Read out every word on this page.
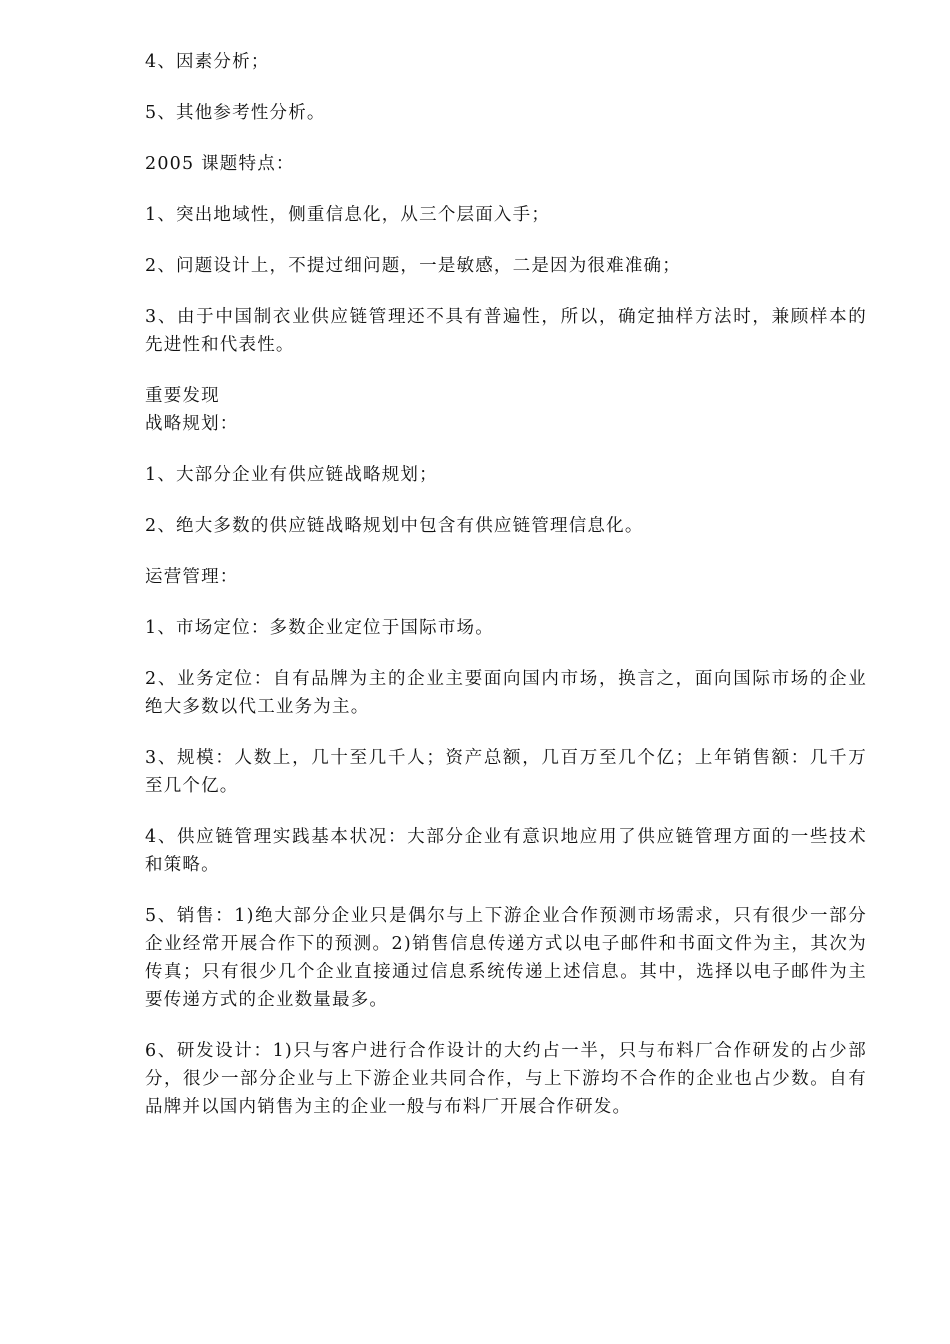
4、因素分析；

5、其他参考性分析。

2005 课题特点：

1、突出地域性，侧重信息化，从三个层面入手；

2、问题设计上，不提过细问题，一是敏感，二是因为很难准确；

3、由于中国制衣业供应链管理还不具有普遍性，所以，确定抽样方法时，兼顾样本的先进性和代表性。

重要发现

战略规划：

1、大部分企业有供应链战略规划；

2、绝大多数的供应链战略规划中包含有供应链管理信息化。

运营管理：

1、市场定位：多数企业定位于国际市场。

2、业务定位：自有品牌为主的企业主要面向国内市场，换言之，面向国际市场的企业绝大多数以代工业务为主。

3、规模：人数上，几十至几千人；资产总额，几百万至几个亿；上年销售额：几千万至几个亿。

4、供应链管理实践基本状况：大部分企业有意识地应用了供应链管理方面的一些技术和策略。

5、销售：1)绝大部分企业只是偶尔与上下游企业合作预测市场需求，只有很少一部分企业经常开展合作下的预测。2)销售信息传递方式以电子邮件和书面文件为主，其次为传真；只有很少几个企业直接通过信息系统传递上述信息。其中，选择以电子邮件为主要传递方式的企业数量最多。

6、研发设计：1)只与客户进行合作设计的大约占一半，只与布料厂合作研发的占少部分，很少一部分企业与上下游企业共同合作，与上下游均不合作的企业也占少数。自有品牌并以国内销售为主的企业一般与布料厂开展合作研发。
